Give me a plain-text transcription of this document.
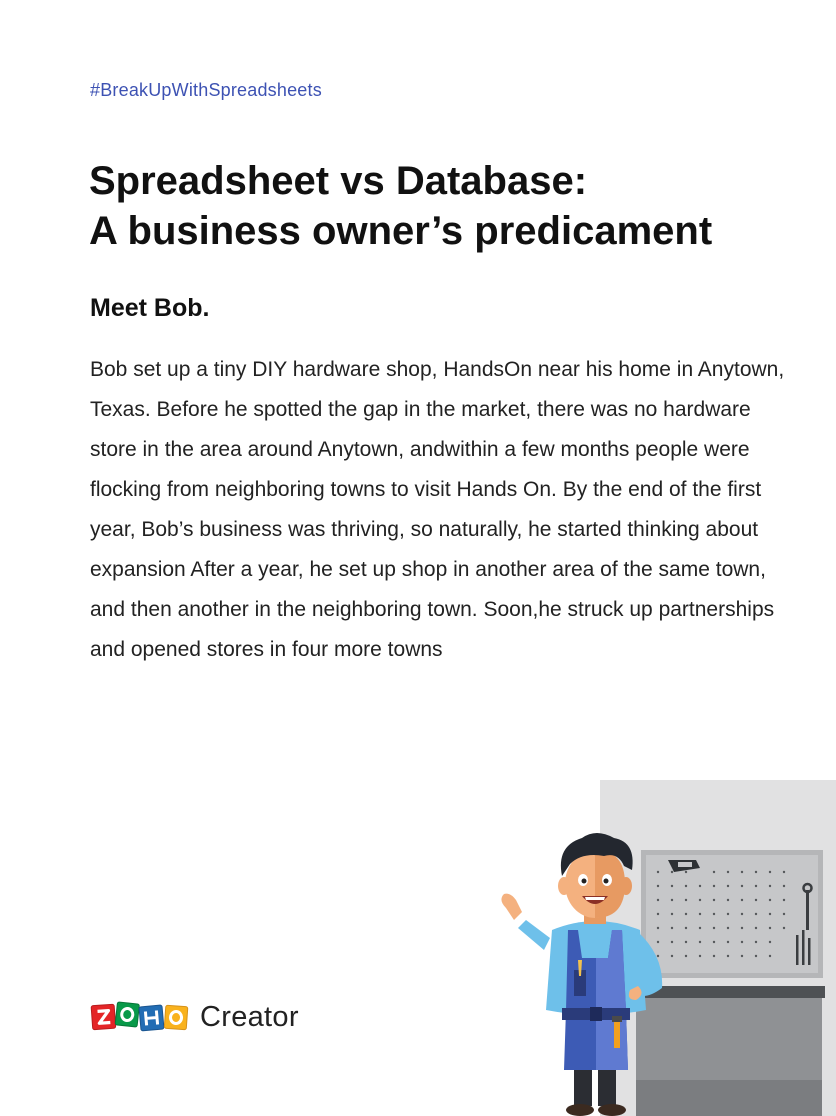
#BreakUpWithSpreadsheets
Spreadsheet vs Database:
A business owner’s predicament
Meet Bob.

Bob set up a tiny DIY hardware shop, HandsOn near his home in Anytown, Texas. Before he spotted the gap in the market, there was no hardware store in the area around Anytown, andwithin a few months people were flocking from neighboring towns to visit Hands On. By the end of the first year, Bob’s business was thriving, so naturally, he started thinking about expansion After a year, he set up shop in another area of the same town, and then another in the neighboring town. Soon,he struck up partnerships and opened stores in four more towns

Creator
